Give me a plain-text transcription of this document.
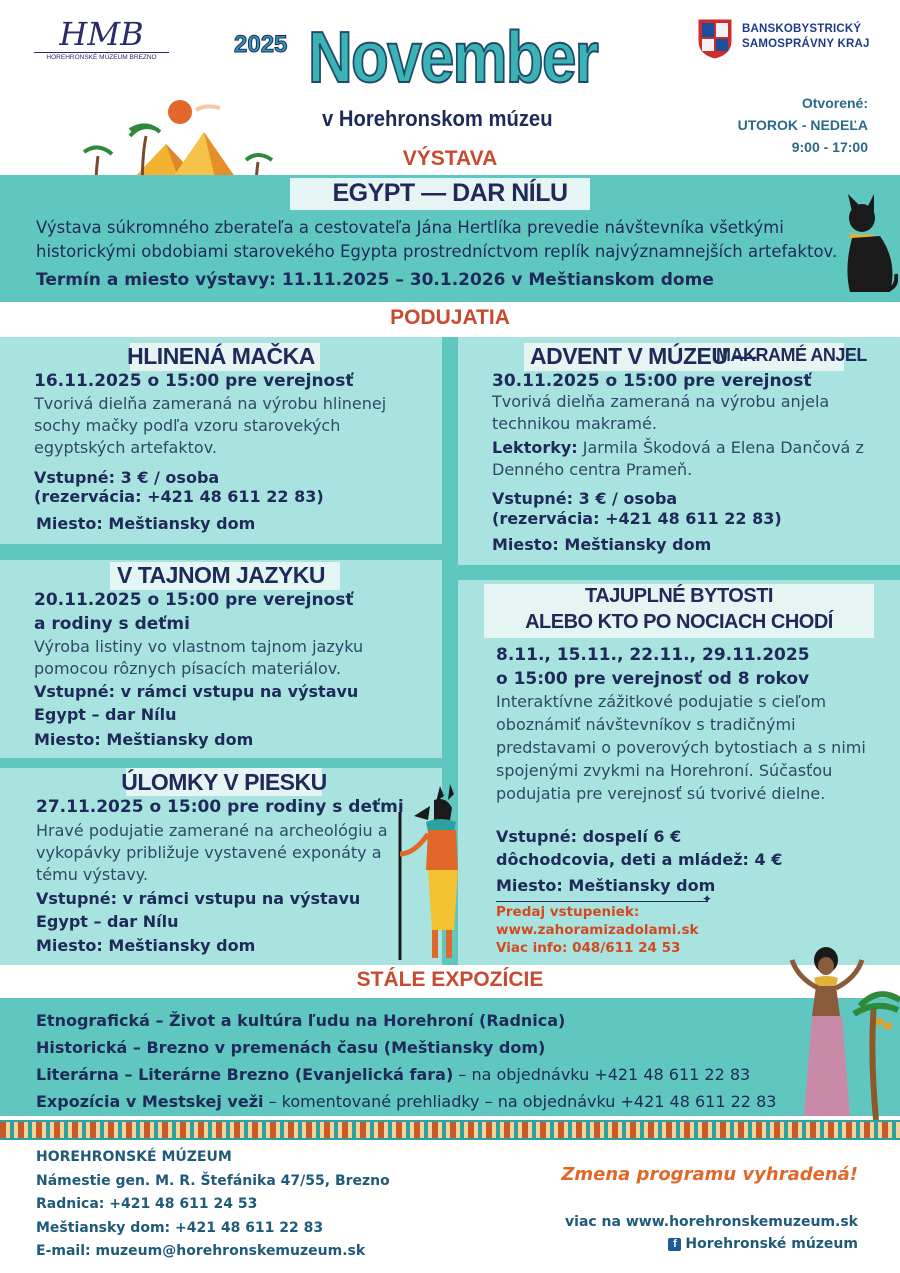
HMB
HOREHRONSKÉ MÚZEUM BREZNO	2025 November
v Horehronskom múzeu
BANSKOBYSTRICKÝ
SAMOSPRÁVNY KRAJ
Otvorené:
UTOROK - NEDEĽA
9:00 - 17:00
VÝSTAVA
EGYPT — DAR NÍLU
Výstava súkromného zberateľa a cestovateľa Jána Hertlíka prevedie návštevníka všetkými historickými obdobiami starovekého Egypta prostredníctvom replík najvýznamnejších artefaktov.
Termín a miesto výstavy: 11.11.2025 – 30.1.2026 v Meštianskom dome
PODUJATIA
HLINENÁ MAČKA
16.11.2025 o 15:00 pre verejnosť
Tvorivá dielňa zameraná na výrobu hlinenej sochy mačky podľa vzoru starovekých egyptských artefaktov.
Vstupné: 3 € / osoba
(rezervácia: +421 48 611 22 83)
Miesto: Meštiansky dom
ADVENT V MÚZEU —
MAKRAMÉ ANJEL
30.11.2025 o 15:00 pre verejnosť
Tvorivá dielňa zameraná na výrobu anjela technikou makramé.
Lektorky: Jarmila Škodová a Elena Dančová z Denného centra Prameň.
Vstupné: 3 € / osoba
(rezervácia: +421 48 611 22 83)
Miesto: Meštiansky dom
V TAJNOM JAZYKU
20.11.2025 o 15:00 pre verejnosť
a rodiny s deťmi
Výroba listiny vo vlastnom tajnom jazyku pomocou rôznych písacích materiálov.
Vstupné: v rámci vstupu na výstavu
Egypt – dar Nílu
Miesto: Meštiansky dom
TAJUPLNÉ BYTOSTI
ALEBO KTO PO NOCIACH CHODÍ
8.11., 15.11., 22.11., 29.11.2025
o 15:00 pre verejnosť od 8 rokov
Interaktívne zážitkové podujatie s cieľom oboznámiť návštevníkov s tradičnými predstavami o poverových bytostiach a s nimi spojenými zvykmi na Horehroní. Súčasťou podujatia pre verejnosť sú tvorivé dielne.
Vstupné: dospelí 6 €
dôchodcovia, deti a mládež: 4 €
Miesto: Meštiansky dom
✦
Predaj vstupeniek:
www.zahoramizadolami.sk
Viac info: 048/611 24 53
ÚLOMKY V PIESKU
27.11.2025 o 15:00 pre rodiny s deťmi
Hravé podujatie zamerané na archeológiu a vykopávky približuje vystavené exponáty a tému výstavy.
Vstupné: v rámci vstupu na výstavu
Egypt – dar Nílu
Miesto: Meštiansky dom
STÁLE EXPOZÍCIE
Etnografická – Život a kultúra ľudu na Horehroní (Radnica)
Historická – Brezno v premenách času (Meštiansky dom)
Literárna – Literárne Brezno (Evanjelická fara) – na objednávku +421 48 611 22 83
Expozícia v Mestskej veži – komentované prehliadky – na objednávku +421 48 611 22 83
HOREHRONSKÉ MÚZEUM
Námestie gen. M. R. Štefánika 47/55, Brezno
Radnica: +421 48 611 24 53
Meštiansky dom: +421 48 611 22 83
E-mail: muzeum@horehronskemuzeum.sk
Zmena programu vyhradená!
viac na www.horehronskemuzeum.sk
f Horehronské múzeum
